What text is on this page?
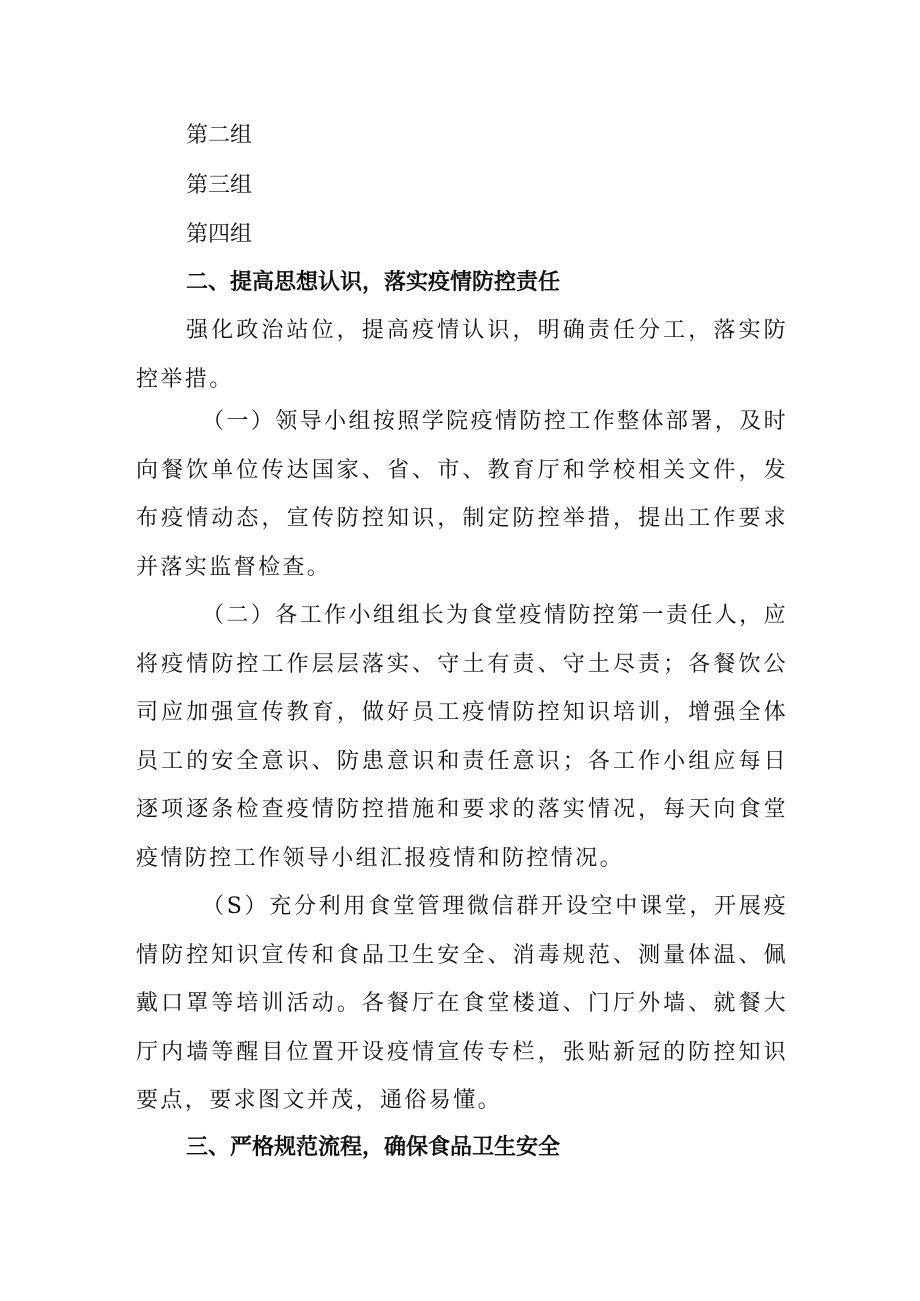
第二组
第三组
第四组
二、提高思想认识，落实疫情防控责任
强化政治站位，提高疫情认识，明确责任分工，落实防控举措。
（一）领导小组按照学院疫情防控工作整体部署，及时向餐饮单位传达国家、省、市、教育厅和学校相关文件，发布疫情动态，宣传防控知识，制定防控举措，提出工作要求并落实监督检查。
（二）各工作小组组长为食堂疫情防控第一责任人，应将疫情防控工作层层落实、守土有责、守土尽责；各餐饮公司应加强宣传教育，做好员工疫情防控知识培训，增强全体员工的安全意识、防患意识和责任意识；各工作小组应每日逐项逐条检查疫情防控措施和要求的落实情况，每天向食堂疫情防控工作领导小组汇报疫情和防控情况。
（S）充分利用食堂管理微信群开设空中课堂，开展疫情防控知识宣传和食品卫生安全、消毒规范、测量体温、佩戴口罩等培训活动。各餐厅在食堂楼道、门厅外墙、就餐大厅内墙等醒目位置开设疫情宣传专栏，张贴新冠的防控知识要点，要求图文并茂，通俗易懂。
三、严格规范流程，确保食品卫生安全
